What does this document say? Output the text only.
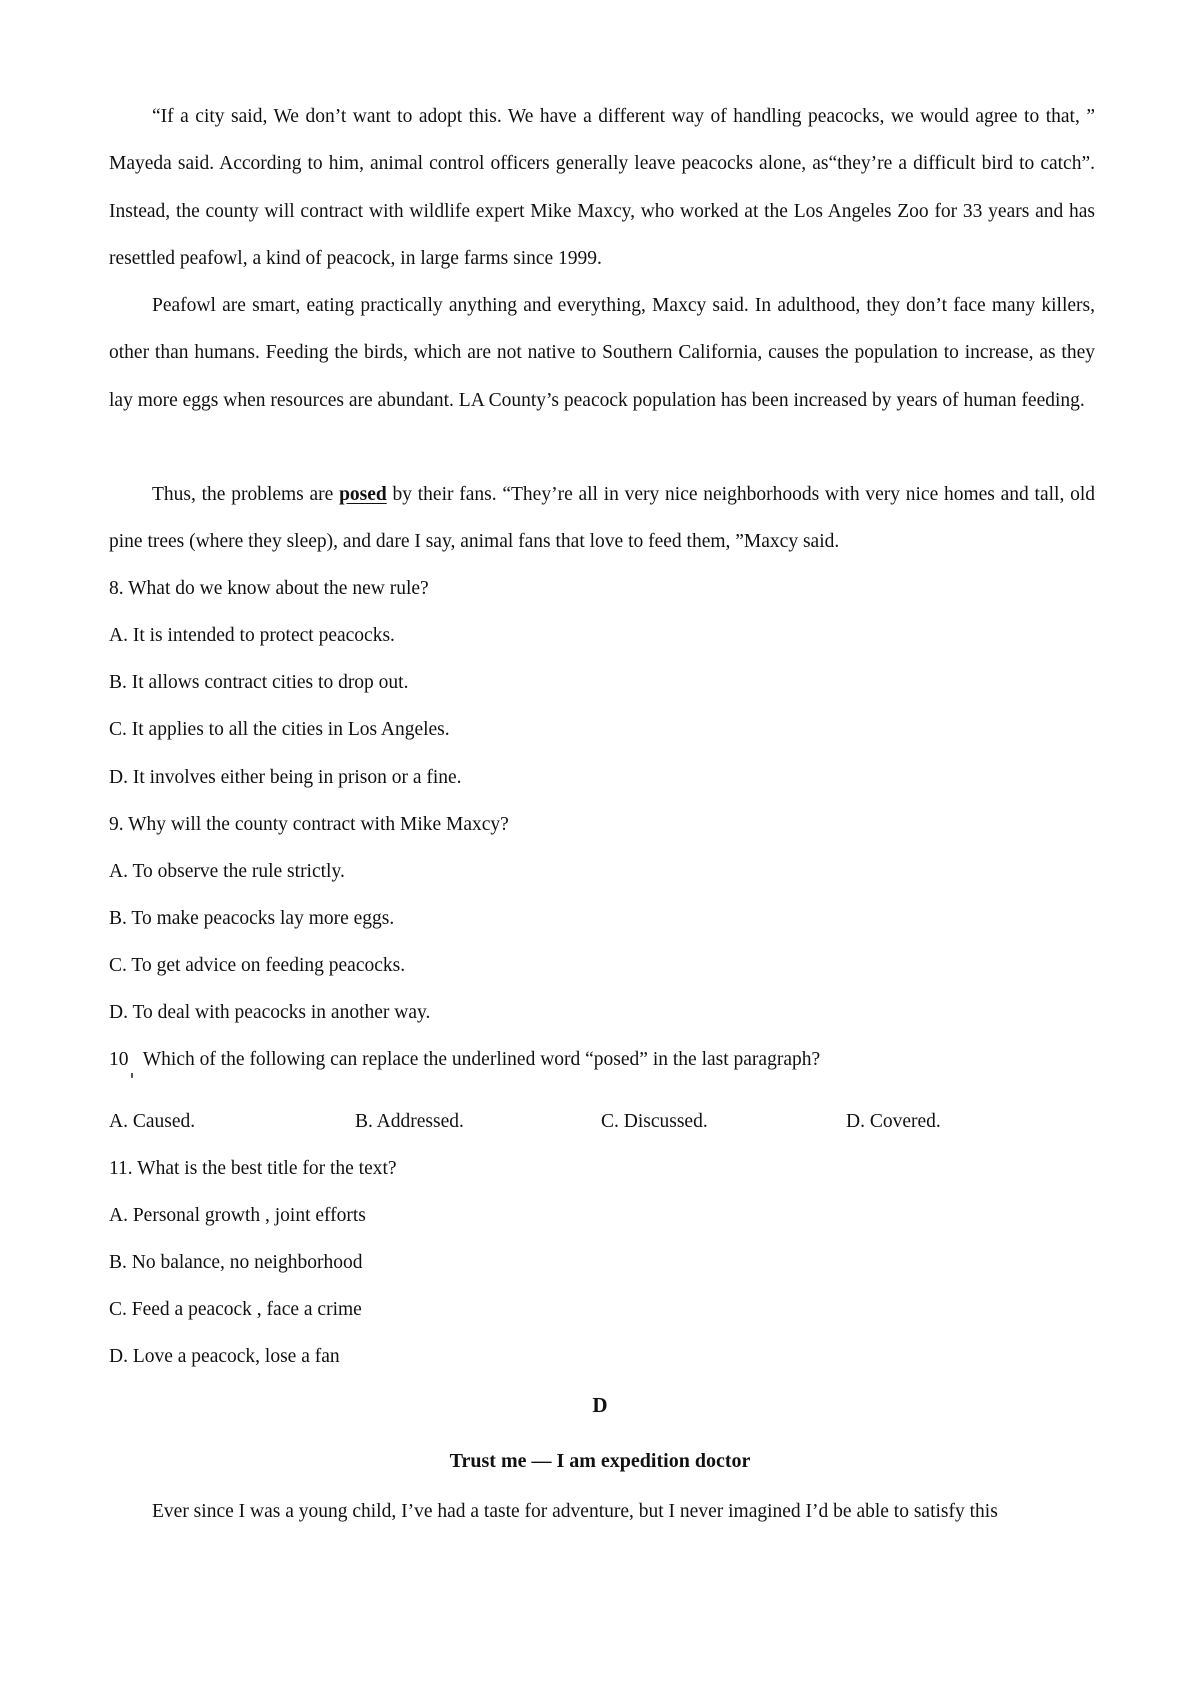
“If a city said, We don’t want to adopt this. We have a different way of handling peacocks, we would agree to that, ” Mayeda said. According to him, animal control officers generally leave peacocks alone, as“they’re a difficult bird to catch”. Instead, the county will contract with wildlife expert Mike Maxcy, who worked at the Los Angeles Zoo for 33 years and has resettled peafowl, a kind of peacock, in large farms since 1999.

Peafowl are smart, eating practically anything and everything, Maxcy said. In adulthood, they don’t face many killers, other than humans. Feeding the birds, which are not native to Southern California, causes the population to increase, as they lay more eggs when resources are abundant. LA County’s peacock population has been increased by years of human feeding.

Thus, the problems are posed by their fans. “They’re all in very nice neighborhoods with very nice homes and tall, old pine trees (where they sleep), and dare I say, animal fans that love to feed them, ”Maxcy said.

8. What do we know about the new rule?

A. It is intended to protect peacocks.

B. It allows contract cities to drop out.

C. It applies to all the cities in Los Angeles.

D. It involves either being in prison or a fine.

9. Why will the county contract with Mike Maxcy?

A. To observe the rule strictly.

B. To make peacocks lay more eggs.

C. To get advice on feeding peacocks.

D. To deal with peacocks in another way.

10   Which of the following can replace the underlined word “posed” in the last paragraph?

A. Caused.	B. Addressed.	C. Discussed.	D. Covered.

11. What is the best title for the text?

A. Personal growth , joint efforts

B. No balance, no neighborhood

C. Feed a peacock , face a crime

D. Love a peacock, lose a fan

D

Trust me — I am expedition doctor

Ever since I was a young child, I’ve had a taste for adventure, but I never imagined I’d be able to satisfy this
